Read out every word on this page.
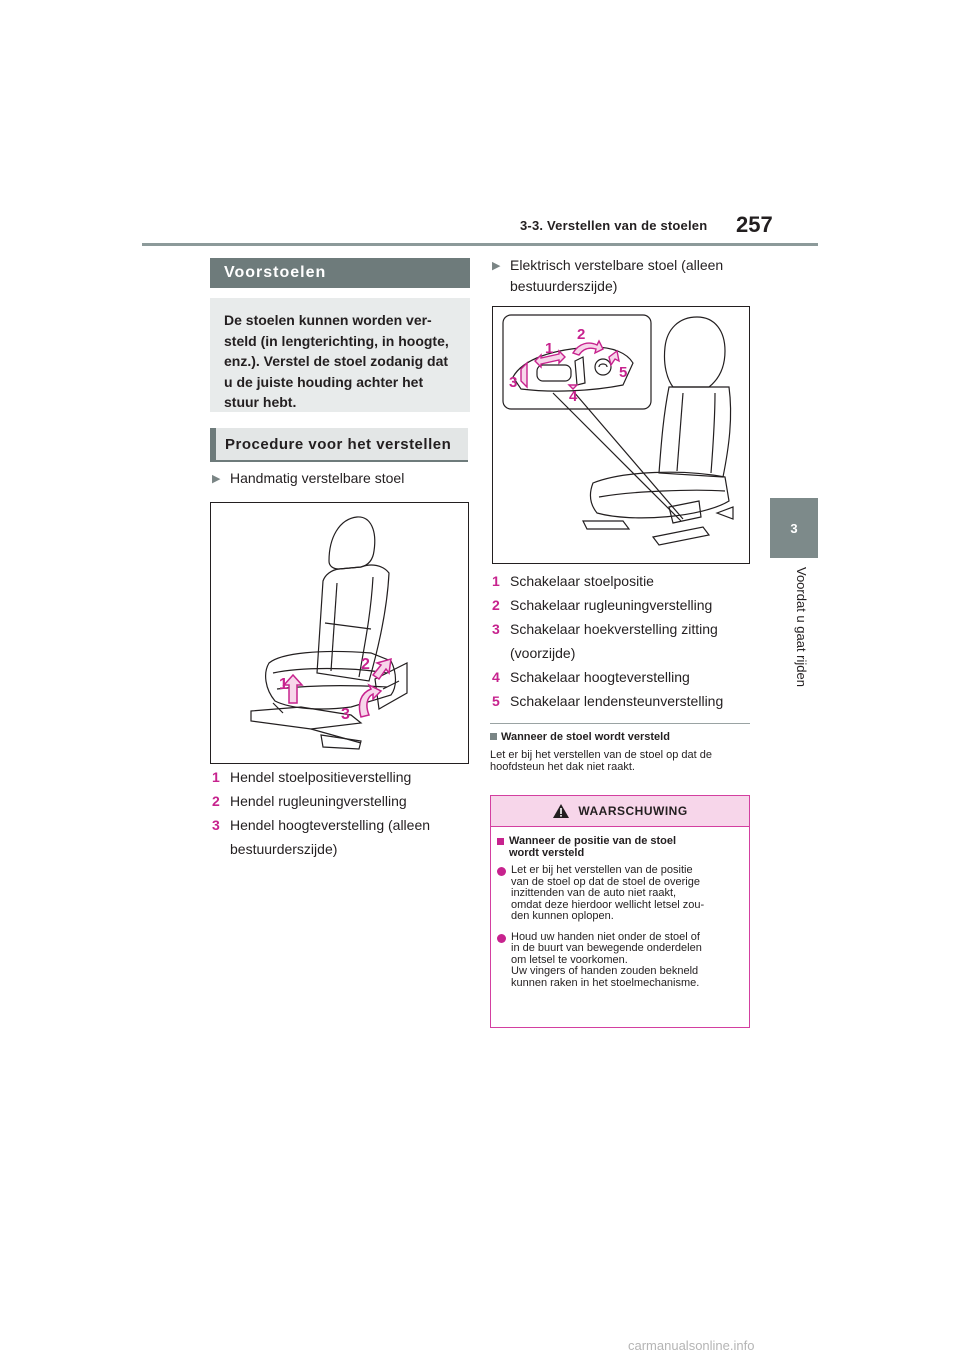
3-3. Verstellen van de stoelen 257
3
Voordat u gaat rijden
Voorstoelen
De stoelen kunnen worden ver-
steld (in lengterichting, in hoogte,
enz.). Verstel de stoel zodanig dat
u de juiste houding achter het
stuur hebt.
Procedure voor het verstellen
▶ Handmatig verstelbare stoel
1
2
3
1 Hendel stoelpositieverstelling
2 Hendel rugleuningverstelling
3 Hendel hoogteverstelling (alleen
bestuurderszijde)
▶ Elektrisch verstelbare stoel (alleen
bestuurderszijde)
1
2
3
4
5
1 Schakelaar stoelpositie
2 Schakelaar rugleuningverstelling
3 Schakelaar hoekverstelling zitting
(voorzijde)
4 Schakelaar hoogteverstelling
5 Schakelaar lendensteunverstelling
Wanneer de stoel wordt versteld
Let er bij het verstellen van de stoel op dat de
hoofdsteun het dak niet raakt.
WAARSCHUWING
Wanneer de positie van de stoel
wordt versteld
Let er bij het verstellen van de positie
van de stoel op dat de stoel de overige
inzittenden van de auto niet raakt,
omdat deze hierdoor wellicht letsel zou-
den kunnen oplopen.
Houd uw handen niet onder de stoel of
in de buurt van bewegende onderdelen
om letsel te voorkomen.
Uw vingers of handen zouden bekneld
kunnen raken in het stoelmechanisme.
carmanualsonline.info
